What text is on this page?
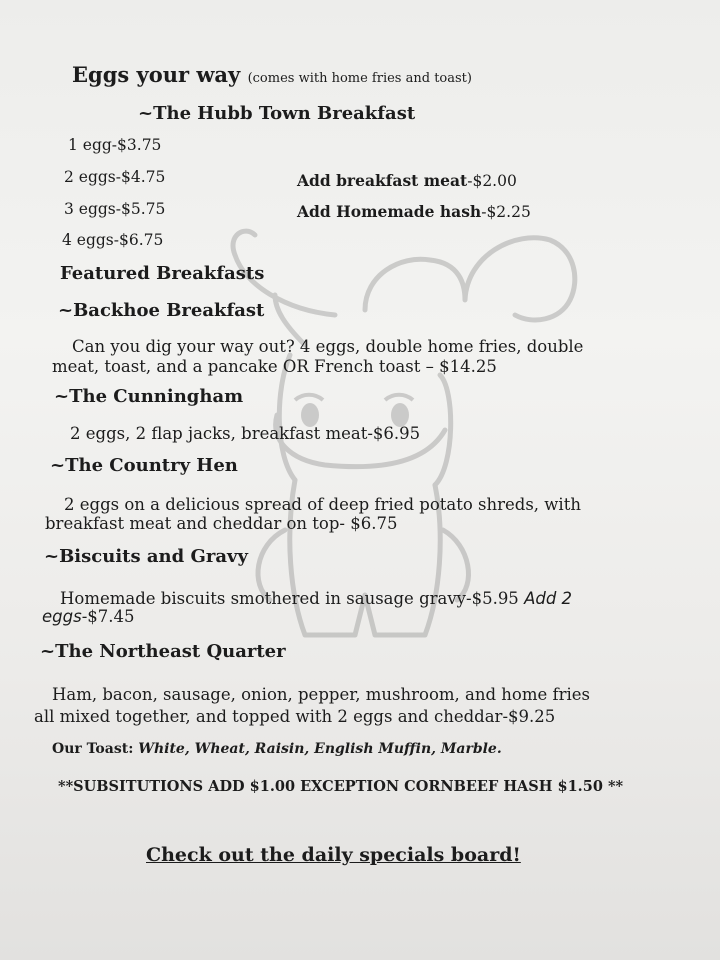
Eggs your way (comes with home fries and toast)

~The Hubb Town Breakfast

1 egg-$3.75

2 eggs-$4.75

3 eggs-$5.75

4 eggs-$6.75

Add breakfast meat-$2.00

Add Homemade hash-$2.25

Featured Breakfasts

~Backhoe Breakfast

Can you dig your way out? 4 eggs, double home fries, double

meat, toast, and a pancake OR French toast – $14.25

~The Cunningham

2 eggs, 2 flap jacks, breakfast meat-$6.95

~The Country Hen

2 eggs on a delicious spread of deep fried potato shreds, with

breakfast meat and cheddar on top- $6.75

~Biscuits and Gravy

Homemade biscuits smothered in sausage gravy-$5.95 Add 2

eggs-$7.45

~The Northeast Quarter

Ham, bacon, sausage, onion, pepper, mushroom, and home fries

all mixed together, and topped with 2 eggs and cheddar-$9.25

Our Toast: White, Wheat, Raisin, English Muffin, Marble.

**SUBSITUTIONS ADD $1.00 EXCEPTION CORNBEEF HASH $1.50 **

Check out the daily specials board!
